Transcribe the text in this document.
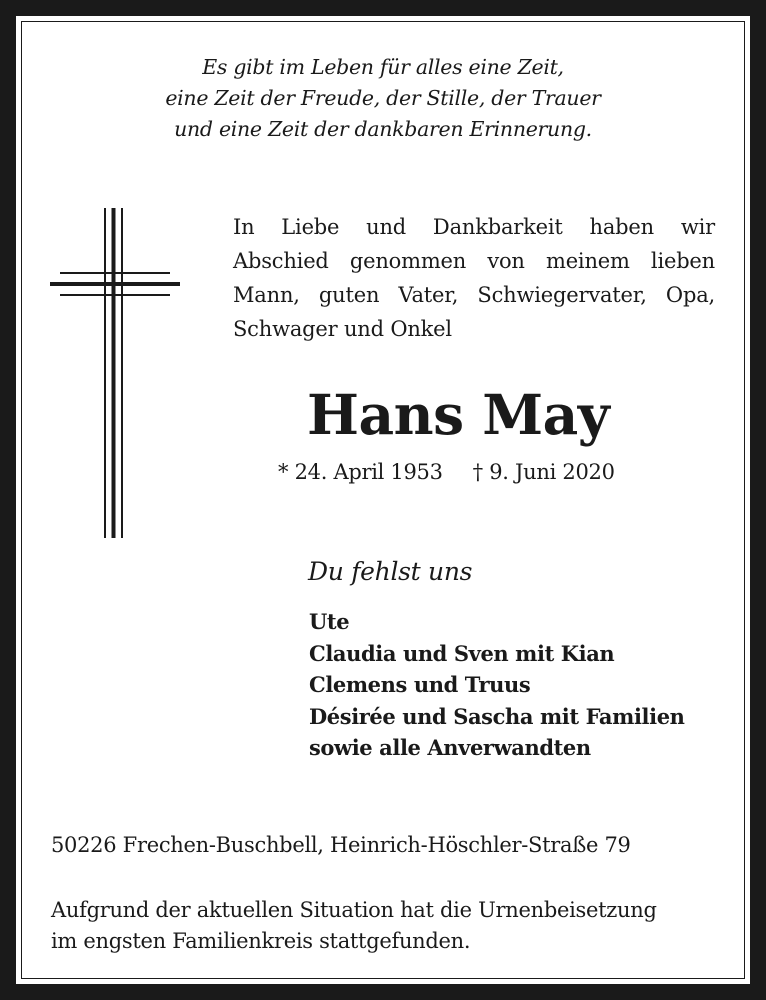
Es gibt im Leben für alles eine Zeit,
eine Zeit der Freude, der Stille, der Trauer
und eine Zeit der dankbaren Erinnerung.
In Liebe und Dankbarkeit haben wir
Abschied genommen von meinem lieben
Mann, guten Vater, Schwiegervater, Opa,
Schwager und Onkel
Hans May
* 24. April 1953 † 9. Juni 2020
Du fehlst uns
Ute
Claudia und Sven mit Kian
Clemens und Truus
Désirée und Sascha mit Familien
sowie alle Anverwandten
50226 Frechen-Buschbell, Heinrich-Höschler-Straße 79
Aufgrund der aktuellen Situation hat die Urnenbeisetzung
im engsten Familienkreis stattgefunden.
